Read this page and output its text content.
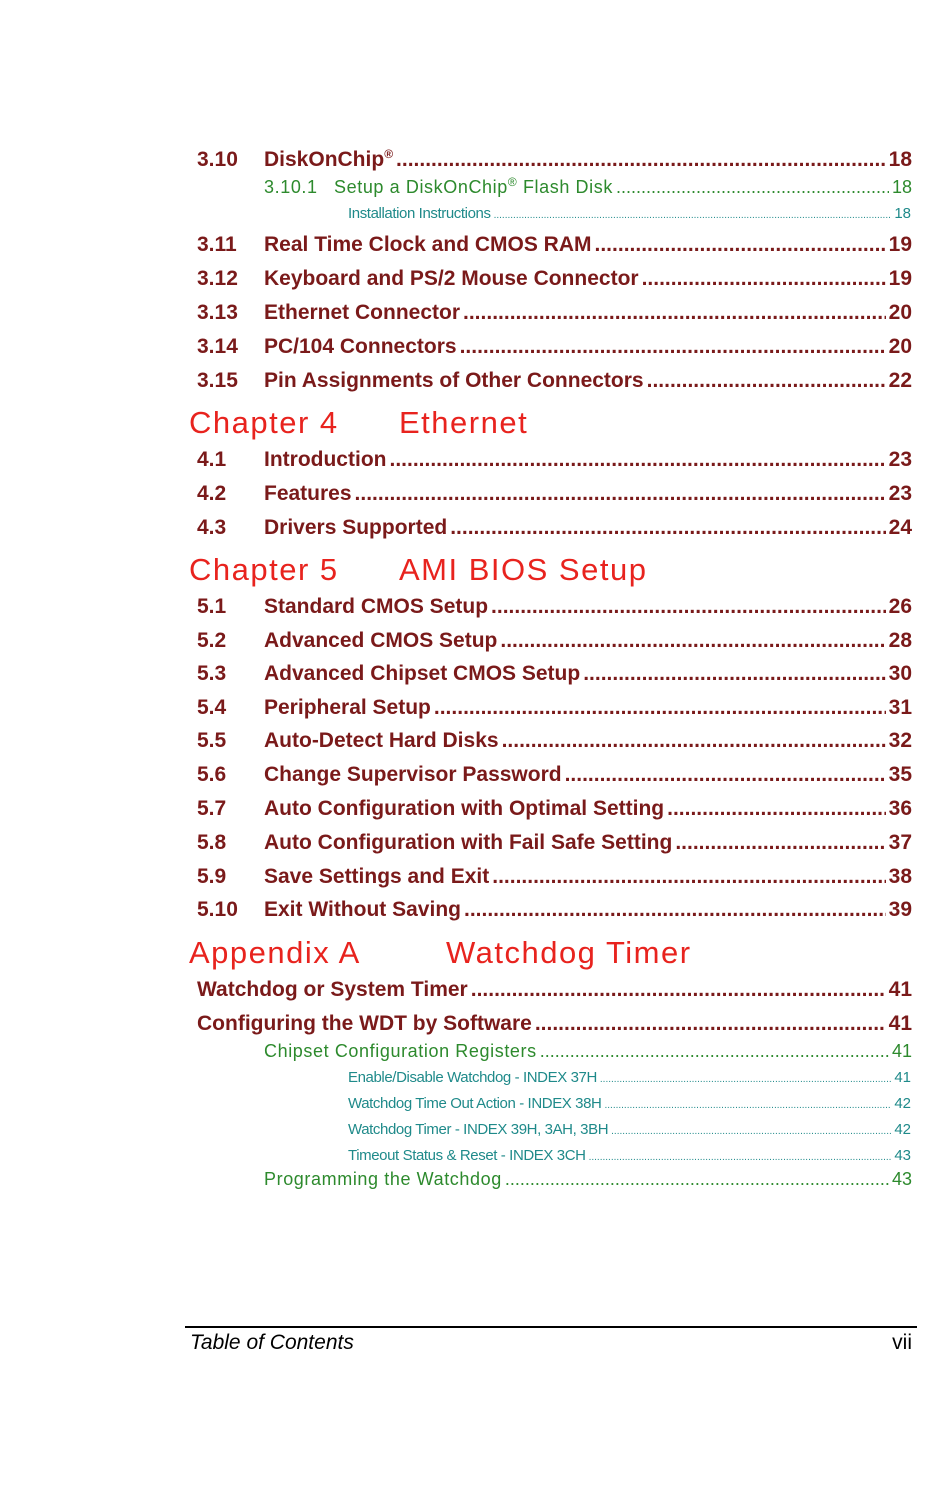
3.10	DiskOnChip® .....	18
3.10.1 Setup a DiskOnChip® Flash Disk .....	18
Installation Instructions .....	18
3.11	Real Time Clock and CMOS RAM .....	19
3.12	Keyboard and PS/2 Mouse Connector .....	19
3.13	Ethernet Connector .....	20
3.14	PC/104 Connectors .....	20
3.15	Pin Assignments of Other Connectors .....	22
Chapter 4	Ethernet
4.1	Introduction .....	23
4.2	Features .....	23
4.3	Drivers Supported .....	24
Chapter 5	AMI BIOS Setup
5.1	Standard CMOS Setup .....	26
5.2	Advanced CMOS Setup .....	28
5.3	Advanced Chipset CMOS Setup .....	30
5.4	Peripheral Setup .....	31
5.5	Auto-Detect Hard Disks .....	32
5.6	Change Supervisor Password .....	35
5.7	Auto Configuration with Optimal Setting .....	36
5.8	Auto Configuration with Fail Safe Setting .....	37
5.9	Save Settings and Exit .....	38
5.10	Exit Without Saving .....	39
Appendix A	Watchdog Timer
Watchdog or System Timer .....	41
Configuring the WDT by Software .....	41
Chipset Configuration Registers .....	41
Enable/Disable Watchdog - INDEX 37H .....	41
Watchdog Time Out Action - INDEX 38H .....	42
Watchdog Timer - INDEX 39H, 3AH, 3BH .....	42
Timeout Status & Reset - INDEX 3CH .....	43
Programming the Watchdog .....	43
Table of Contents	vii
